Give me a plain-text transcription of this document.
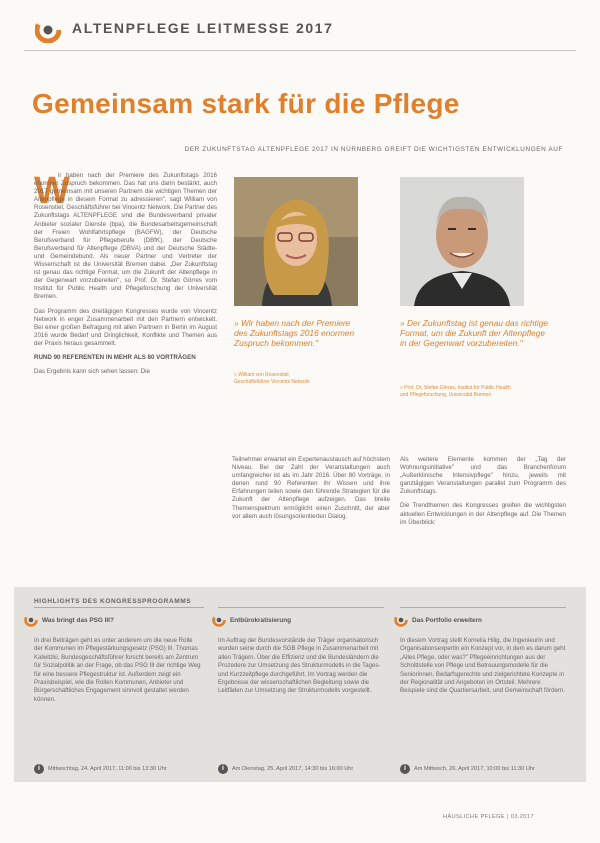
ALTENPFLEGE LEITMESSE 2017
Gemeinsam stark für die Pflege
DER ZUKUNFTSTAG ALTENPFLEGE 2017 IN NÜRNBERG GREIFT DIE WICHTIGSTEN ENTWICKLUNGEN AUF
W

ir haben nach der Premiere des Zukunftstags 2016 enormen Zuspruch bekommen. Das hat uns darin bestärkt, auch 2017 gemeinsam mit unseren Partnern die wichtigen Themen der Altenpflege in diesem Format zu adressieren", sagt William von Rosenstiel, Geschäftsführer bei Vincentz Network. Die Partner des Zukunftstags ALTENPFLEGE sind die Bundesverband privater Anbieter sozialer Dienste (bpa), die Bundesarbeitsgemeinschaft der Freien Wohlfahrtspflege (BAGFW), der Deutsche Berufsverband für Pflegeberufe (DBfK), der Deutsche Berufsverband für Altenpflege (DBVA) und der Deutsche Städte- und Gemeindebund. Als neuer Partner und Vertreter der Wissenschaft ist die Universität Bremen dabei. „Der Zukunftstag ist genau das richtige Format, um die Zukunft der Altenpflege in der Gegenwart vorzubereiten", so Prof. Dr. Stefan Görres vom Institut für Public Health und Pflegeforschung der Universität Bremen.

Das Programm des dreitägigen Kongresses wurde von Vincentz Network in enger Zusammenarbeit mit den Partnern entwickelt. Bei einer großen Befragung mit allen Partnern in Berlin im August 2016 wurde Bedarf und Dringlichkeit, Konflikte und Themen aus der Praxis heraus gesammelt.

RUND 90 REFERENTEN IN MEHR ALS 80 VORTRÄGEN

Das Ergebnis kann sich sehen lassen: Die

» Wir haben nach der Premiere des Zukunftstags 2016 enormen Zuspruch bekommen."
» William von Rosenstiel,
Geschäftsführer Vincentz Network
» Der Zukunftstag ist genau das richtige Format, um die Zukunft der Altenpflege in der Gegenwart vorzubereiten."
» Prof. Dr. Stefan Görres, Institut für Public Health
und Pflegeforschung, Universität Bremen
Teilnehmer erwartet ein Expertenaustausch auf höchstem Niveau. Bei der Zahl der Veranstaltungen auch umfangreicher ist als im Jahr 2016. Über 80 Vorträge, in denen rund 90 Referenten ihr Wissen und ihre Erfahrungen teilen sowie den führende Strategien für die Zukunft der Altenpflege aufzeigen. Das breite Themenspektrum ermöglicht einen Zuschnitt, der aber vor allem auch lösungsorientierten Dialog.

Als weitere Elemente kommen der „Tag der Wohnungsinitiative" und das Branchenforum „Außerklinische Intensivpflege" hinzu, jeweils mit ganztägigen Veranstaltungen parallel zum Programm des Zukunftstags.

Die Trendthemen des Kongresses greifen die wichtigsten aktuellen Entwicklungen in der Altenpflege auf. Die Themen im Überblick:

HIGHLIGHTS DES KONGRESSPROGRAMMS
Was bringt das PSG III?
In drei Beiträgen geht es unter anderem um die neue Rolle der Kommunen im Pflegestärkungsgesetz (PSG) III. Thomas Kalwitzki, Bundesgeschäftsführer forscht bereits am Zentrum für Sozialpolitik an der Frage, ob das PSG III der richtige Weg für eine bessere Pflegestruktur ist. Außerdem zeigt ein Praxisbeispiel, wie die Rollen Kommunen, Anbieter und Bürgerschaftliches Engagement sinnvoll gestaltet werden können.
i	Mittwochtag, 24. April 2017, 11:00 bis 13:30 Uhr
Entbürokratisierung
Im Auftrag der Bundesvorstände der Träger organisatorisch wurden seine durch die SGB Pflege in Zusammenarbeit mit allen Trägern. Über die Effizienz und die Bundesländern die Prozedere zur Umsetzung des Strukturmodells in die Tages- und Kurzzeitpflege durchgeführt. Im Vortrag werden die Ergebnisse der wissenschaftlichen Begleitung sowie die Leitfäden zur Umsetzung der Strukturmodells vorgestellt.
i	Am Dienstag, 25. April 2017, 14:30 bis 16:00 Uhr
Das Portfolio erweitern
In diesem Vortrag stellt Kornelia Hilig, die Ingenieurin und Organisationsexpertin ein Konzept vor, in dem es darum geht „Alles Pflege, oder was?" Pflegeeinrichtungen aus der Schnittstelle von Pflege und Betreuungsmodelle für die Seniorinnen, Bedarfsgerechte und zielgerichtete Konzepte in der Regionalität und Angeboten im Ortsteil. Mehrere Beispiele sind die Quartiersarbeit, und Gemeinschaft fördern.
i	Am Mittwoch, 26. April 2017, 10:00 bis 11:30 Uhr
HÄUSLICHE PFLEGE | 03.2017
